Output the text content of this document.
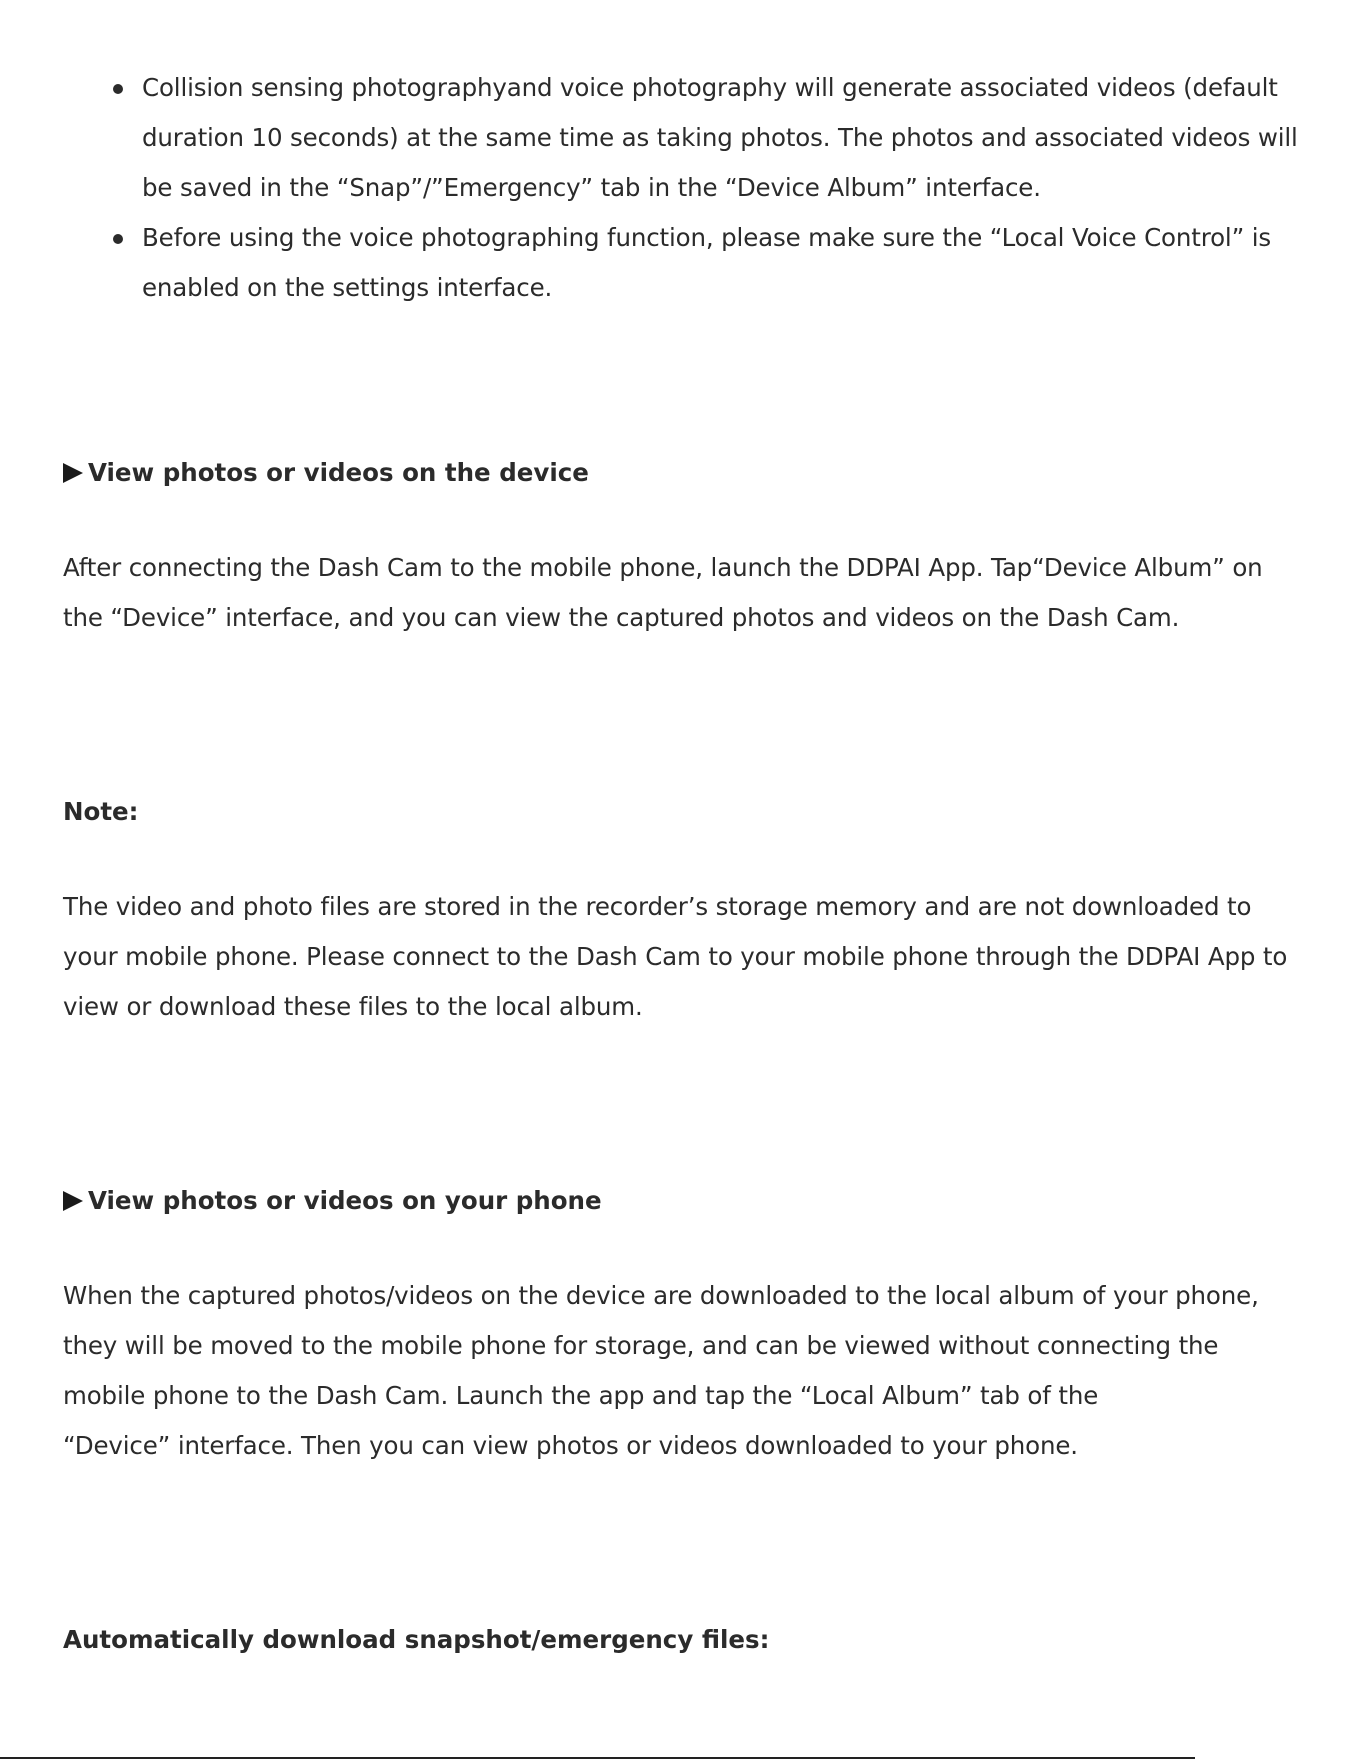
Collision sensing photographyand voice photography will generate associated videos (default duration 10 seconds) at the same time as taking photos. The photos and associated videos will be saved in the “Snap”/”Emergency” tab in the “Device Album” interface.
Before using the voice photographing function, please make sure the “Local Voice Control” is enabled on the settings interface.
View photos or videos on the device

After connecting the Dash Cam to the mobile phone, launch the DDPAI App. Tap“Device Album” on the “Device” interface, and you can view the captured photos and videos on the Dash Cam.

Note:

The video and photo files are stored in the recorder’s storage memory and are not downloaded to your mobile phone. Please connect to the Dash Cam to your mobile phone through the DDPAI App to view or download these files to the local album.

View photos or videos on your phone

When the captured photos/videos on the device are downloaded to the local album of your phone, they will be moved to the mobile phone for storage, and can be viewed without connecting the mobile phone to the Dash Cam. Launch the app and tap the “Local Album” tab of the

“Device” interface. Then you can view photos or videos downloaded to your phone.

Automatically download snapshot/emergency files:
